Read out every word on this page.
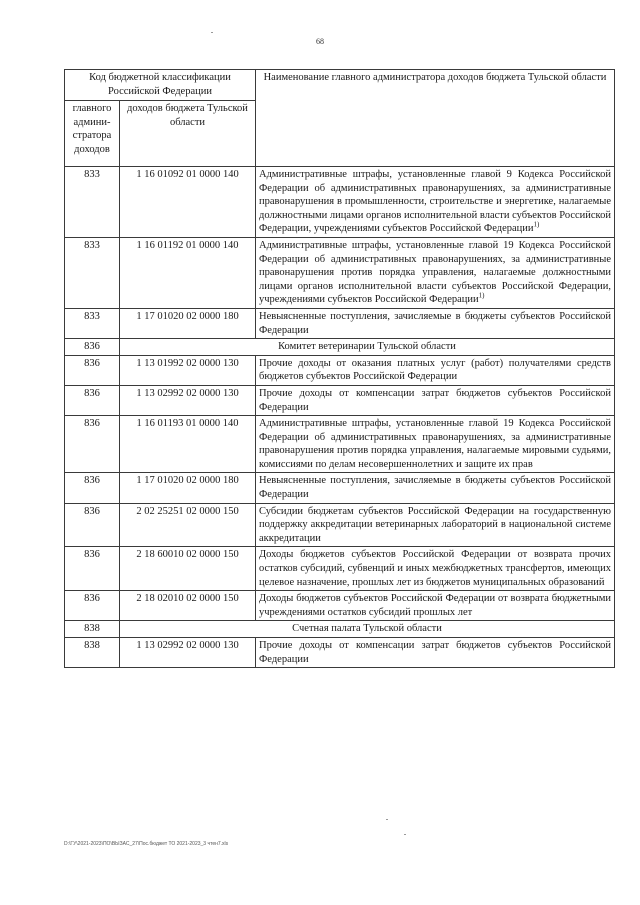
68
Код бюджетной классификации Российской Федерации		Наименование главного администратора доходов бюджета Тульской области
главного админи-стратора доходов	доходов бюджета Тульской области	
833	1 16 01092 01 0000 140	Административные штрафы, установленные главой 9 Кодекса Российской Федерации об административных правонарушениях, за административные правонарушения в промышленности, строительстве и энергетике, налагаемые должностными лицами органов исполнительной власти субъектов Российской Федерации, учреждениями субъектов Российской Федерации$^{1)}$
833	1 16 01192 01 0000 140	Административные штрафы, установленные главой 19 Кодекса Российской Федерации об административных правонарушениях, за административные правонарушения против порядка управления, налагаемые должностными лицами органов исполнительной власти субъектов Российской Федерации, учреждениями субъектов Российской Федерации$^{1)}$
833	1 17 01020 02 0000 180	Невыясненные поступления, зачисляемые в бюджеты субъектов Российской Федерации
836	Комитет ветеринарии Тульской области	
836	1 13 01992 02 0000 130	Прочие доходы от оказания платных услуг (работ) получателями средств бюджетов субъектов Российской Федерации
836	1 13 02992 02 0000 130	Прочие доходы от компенсации затрат бюджетов субъектов Российской Федерации
836	1 16 01193 01 0000 140	Административные штрафы, установленные главой 19 Кодекса Российской Федерации об административных правонарушениях, за административные правонарушения против порядка управления, налагаемые мировыми судьями, комиссиями по делам несовершеннолетних и защите их прав
836	1 17 01020 02 0000 180	Невыясненные поступления, зачисляемые в бюджеты субъектов Российской Федерации
836	2 02 25251 02 0000 150	Субсидии бюджетам субъектов Российской Федерации на государственную поддержку аккредитации ветеринарных лабораторий в национальной системе аккредитации
836	2 18 60010 02 0000 150	Доходы бюджетов субъектов Российской Федерации от возврата прочих остатков субсидий, субвенций и иных межбюджетных трансфертов, имеющих целевое назначение, прошлых лет из бюджетов муниципальных образований
836	2 18 02010 02 0000 150	Доходы бюджетов субъектов Российской Федерации от возврата бюджетными учреждениями остатков субсидий прошлых лет
838	Счетная палата Тульской области	
838	1 13 02992 02 0000 130	Прочие доходы от компенсации затрат бюджетов субъектов Российской Федерации
D:\ГУ\2021-2023\ПО\ВЫЗАС_27\Пос.бюджет ТО 2021-2023_3 чтен7.xls
